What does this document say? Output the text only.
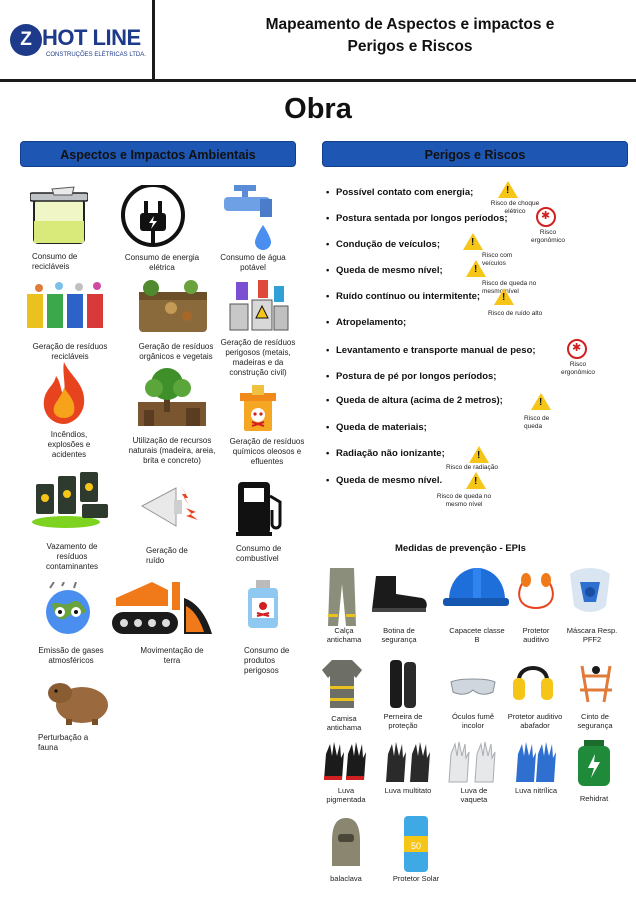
Z HOT LINE
CONSTRUÇÕES ELÉTRICAS LTDA.
Mapeamento de Aspectos e impactos e
Perigos e Riscos
Obra
Aspectos e Impactos Ambientais	Perigos e Riscos
Consumo de recicláveis
Consumo de energia elétrica
Consumo de água potável
Geração de resíduos recicláveis
Geração de resíduos orgânicos e vegetais
Geração de resíduos perigosos (metais, madeiras e da construção civil)
Incêndios, explosões e acidentes
Utilização de recursos naturais (madeira, areia, brita e concreto)
Geração de resíduos químicos oleosos e efluentes
Vazamento de resíduos contaminantes
Geração de ruído
Consumo de combustível
Emissão de gases atmosféricos
Movimentação de terra
Consumo de produtos perigosos
Perturbação a fauna
• Possível contato com energia;
• Postura sentada por longos períodos;
• Condução de veículos;
• Queda de mesmo nível;
• Ruído contínuo ou intermitente;
• Atropelamento;
• Levantamento e transporte manual de peso;
• Postura de pé por longos períodos;
• Queda de altura (acima de 2 metros);
• Queda de materiais;
• Radiação não ionizante;
• Queda de mesmo nível.
!
Risco de choque elétrico
✱
Risco ergonômico
!
Risco com veículos
!
Risco de queda no mesmo nível
!
Risco de ruído alto
✱
Risco ergonômico
!
Risco de queda
!
Risco de radiação
!
Risco de queda no mesmo nível
Medidas de prevenção - EPIs
Calça antichama
Botina de segurança
Capacete classe B
Protetor auditivo
Máscara Resp. PFF2
Camisa antichama
Perneira de proteção
Óculos fumê incolor
Protetor auditivo abafador
Cinto de segurança
Luva pigmentada
Luva multitato	Luva de vaqueta
Luva nitrílica
Rehidrat
balaclava
50
Protetor Solar
